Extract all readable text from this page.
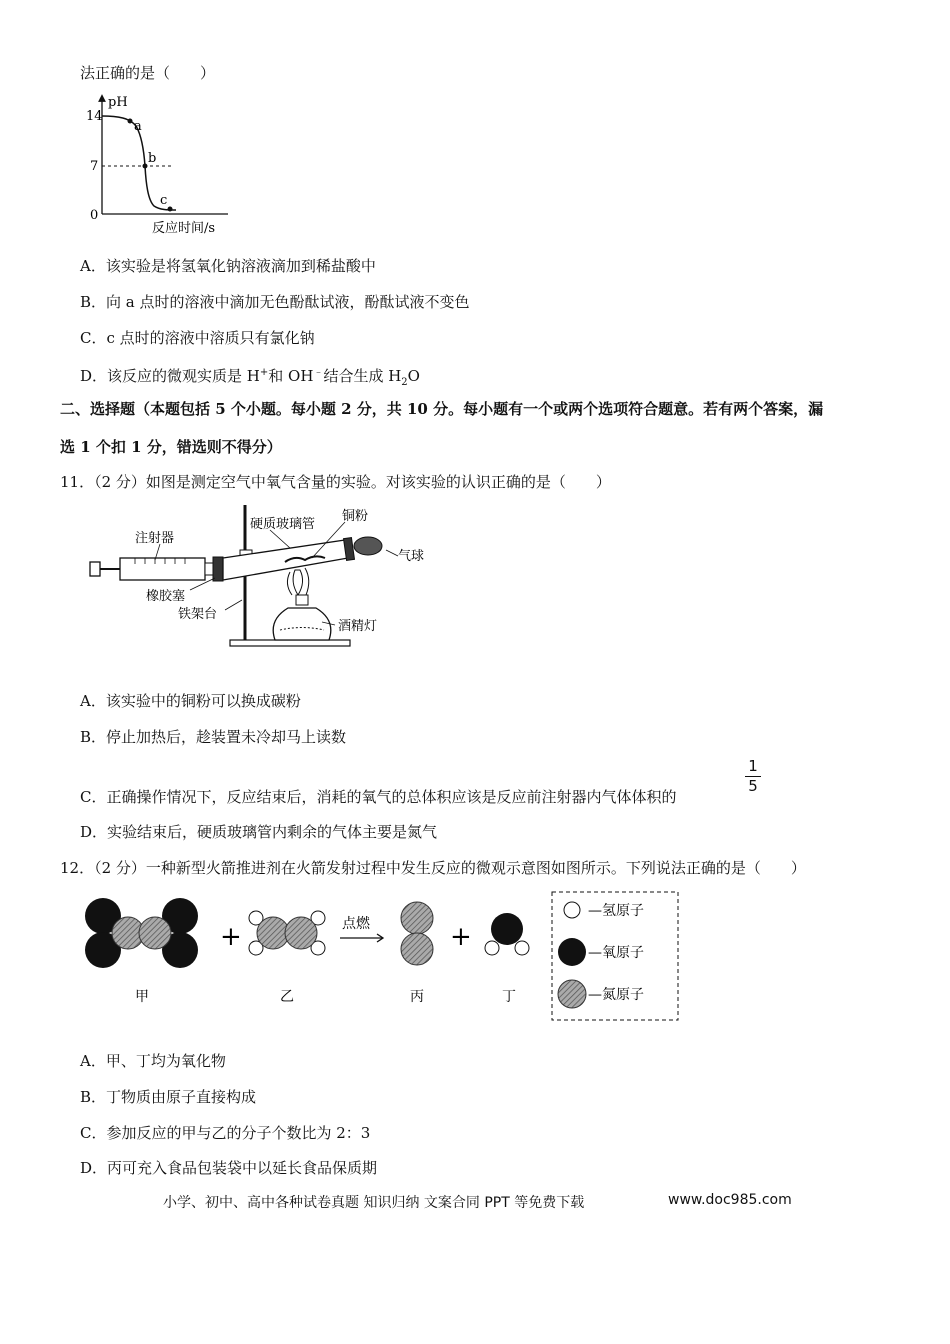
法正确的是（　　）
pH
14
7
0
a
b
c
反应时间/s
A．该实验是将氢氧化钠溶液滴加到稀盐酸中
B．向 a 点时的溶液中滴加无色酚酞试液，酚酞试液不变色
C．c 点时的溶液中溶质只有氯化钠
D．该反应的微观实质是 H+和 OH﹣结合生成 $H_2O$
二、选择题（本题包括 5 个小题。每小题 2 分，共 10 分。每小题有一个或两个选项符合题意。若有两个答案，漏
选 1 个扣 1 分，错选则不得分）
11．（2 分）如图是测定空气中氧气含量的实验。对该实验的认识正确的是（　　）
注射器
硬质玻璃管
铜粉
气球
橡胶塞
酒精灯
铁架台
A．该实验中的铜粉可以换成碳粉
B．停止加热后，趁装置未冷却马上读数
C．正确操作情况下，反应结束后，消耗的氧气的总体积应该是反应前注射器内气体体积的
1
5
D．实验结束后，硬质玻璃管内剩余的气体主要是氮气
12．（2 分）一种新型火箭推进剂在火箭发射过程中发生反应的微观示意图如图所示。下列说法正确的是（　　）
+	点燃	+
甲	乙	丙	丁
—氢原子
—氧原子
—氮原子
A．甲、丁均为氧化物
B．丁物质由原子直接构成
C．参加反应的甲与乙的分子个数比为 2：3
D．丙可充入食品包装袋中以延长食品保质期
小学、初中、高中各种试卷真题 知识归纳 文案合同 PPT 等免费下载	www.doc985.com
